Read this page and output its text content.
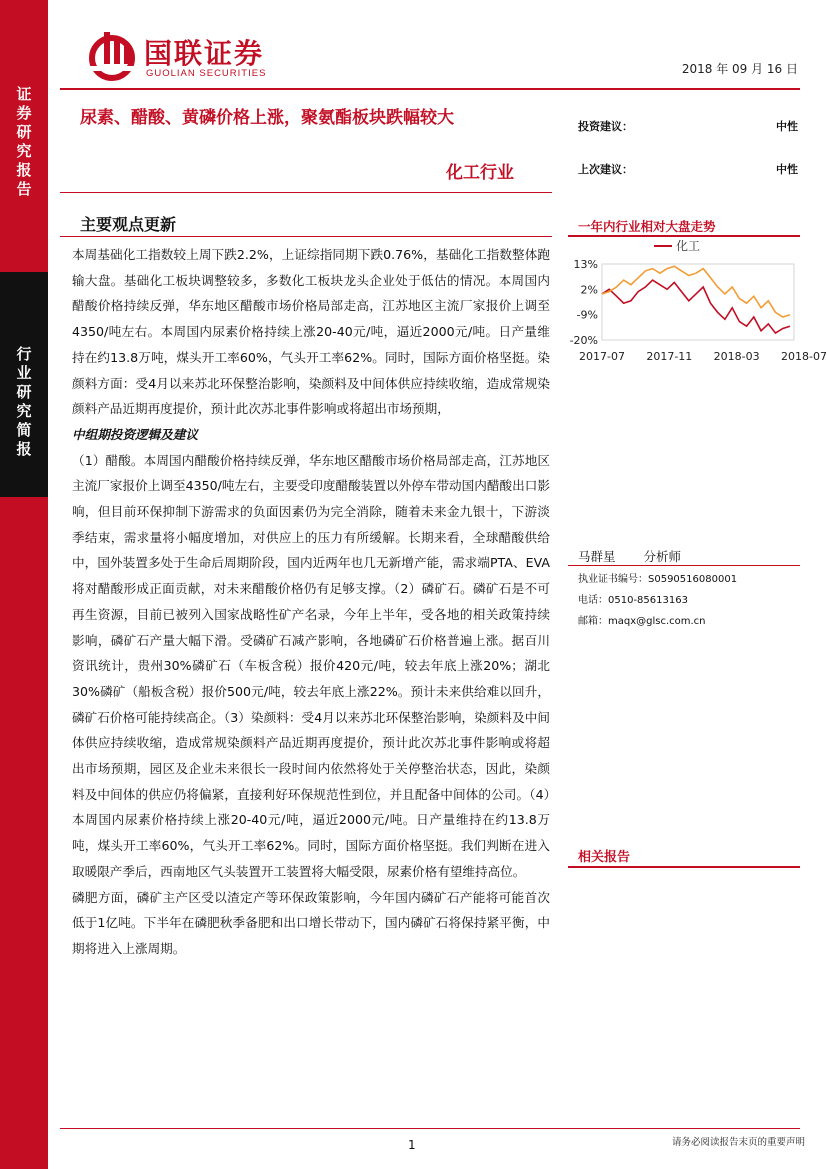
证
券
研
究
报
告
行
业
研
究
简
报
国联证券
GUOLIAN SECURITIES	2018 年 09 月 16 日
尿素、醋酸、黄磷价格上涨，聚氨酯板块跌幅较大
化工行业
投资建议：	中性
上次建议：	中性
主要观点更新

本周基础化工指数较上周下跌2.2%，上证综指同期下跌0.76%，基础化工指数整体跑输大盘。基础化工板块调整较多，多数化工板块龙头企业处于低估的情况。本周国内醋酸价格持续反弹，华东地区醋酸市场价格局部走高，江苏地区主流厂家报价上调至4350/吨左右。本周国内尿素价格持续上涨20-40元/吨，逼近2000元/吨。日产量维持在约13.8万吨，煤头开工率60%，气头开工率62%。同时，国际方面价格坚挺。染颜料方面：受4月以来苏北环保整治影响，染颜料及中间体供应持续收缩，造成常规染颜料产品近期再度提价，预计此次苏北事件影响或将超出市场预期，

中组期投资逻辑及建议

（1）醋酸。本周国内醋酸价格持续反弹，华东地区醋酸市场价格局部走高，江苏地区主流厂家报价上调至4350/吨左右，主要受印度醋酸装置以外停车带动国内醋酸出口影响，但目前环保抑制下游需求的负面因素仍为完全消除，随着未来金九银十，下游淡季结束，需求量将小幅度增加，对供应上的压力有所缓解。长期来看，全球醋酸供给中，国外装置多处于生命后周期阶段，国内近两年也几无新增产能，需求端PTA、EVA将对醋酸形成正面贡献，对未来醋酸价格仍有足够支撑。（2）磷矿石。磷矿石是不可再生资源，目前已被列入国家战略性矿产名录，今年上半年，受各地的相关政策持续影响，磷矿石产量大幅下滑。受磷矿石减产影响，各地磷矿石价格普遍上涨。据百川资讯统计，贵州30%磷矿石（车板含税）报价420元/吨，较去年底上涨20%；湖北30%磷矿（船板含税）报价500元/吨，较去年底上涨22%。预计未来供给难以回升，磷矿石价格可能持续高企。（3）染颜料：受4月以来苏北环保整治影响，染颜料及中间体供应持续收缩，造成常规染颜料产品近期再度提价，预计此次苏北事件影响或将超出市场预期，园区及企业未来很长一段时间内依然将处于关停整治状态，因此，染颜料及中间体的供应仍将偏紧，直接利好环保规范性到位，并且配备中间体的公司。（4）本周国内尿素价格持续上涨20-40元/吨，逼近2000元/吨。日产量维持在约13.8万吨，煤头开工率60%，气头开工率62%。同时，国际方面价格坚挺。我们判断在进入取暖限产季后，西南地区气头装置开工装置将大幅受限，尿素价格有望维持高位。

磷肥方面，磷矿主产区受以渣定产等环保政策影响，今年国内磷矿石产能将可能首次低于1亿吨。下半年在磷肥秋季备肥和出口增长带动下，国内磷矿石将保持紧平衡，中期将进入上涨周期。

一年内行业相对大盘走势
化工
13%
2%
-9%
-20%
2017-07 2017-11 2018-03 2018-07
马群星 分析师
执业证书编号：S0590516080001
电话：0510-85613163
邮箱：maqx@glsc.com.cn
相关报告
1	请务必阅读报告末页的重要声明
